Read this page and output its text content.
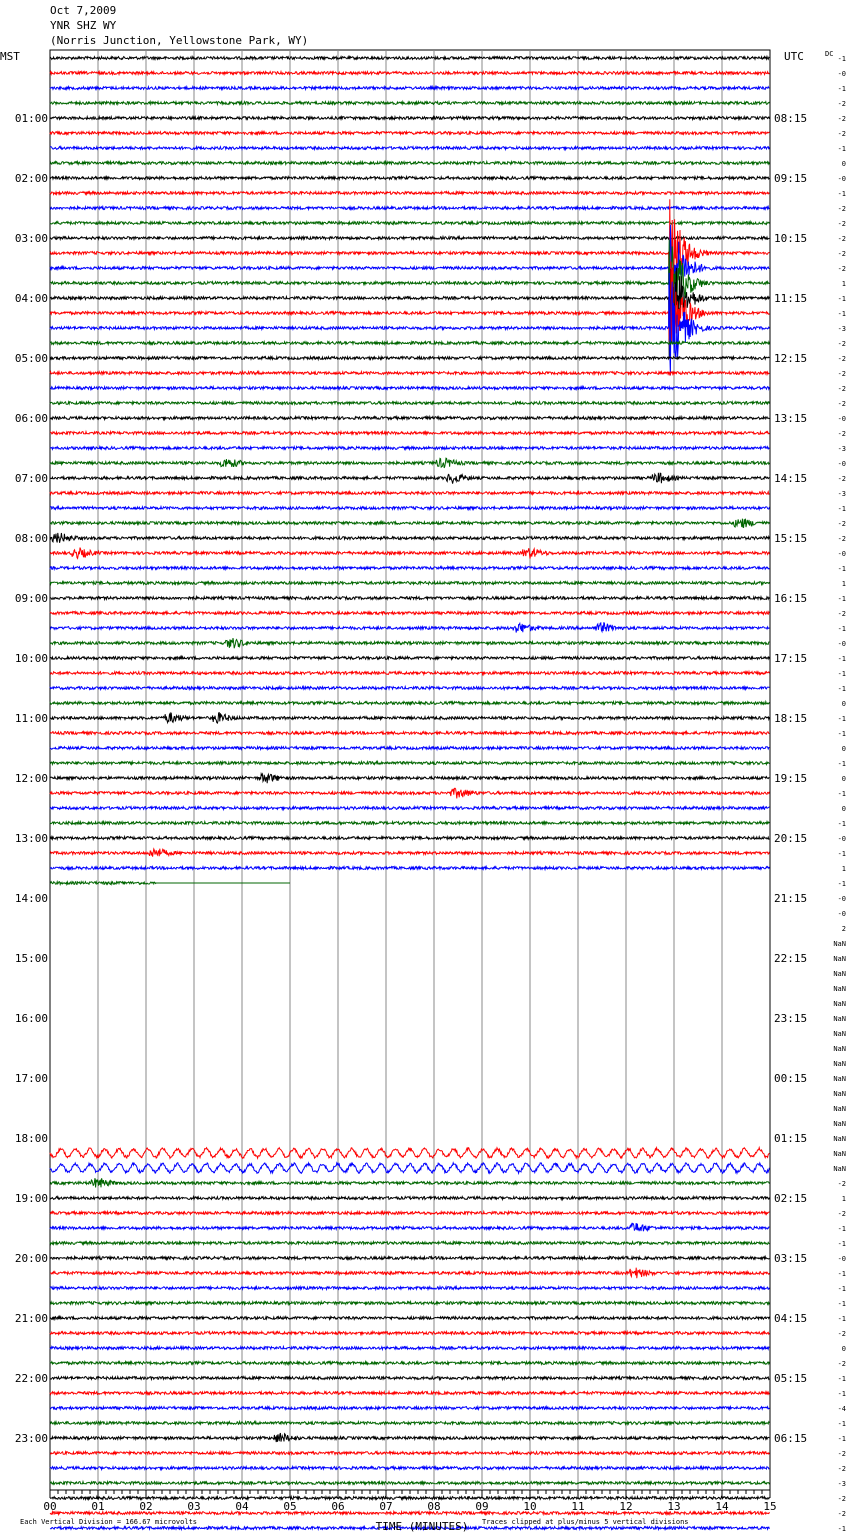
Oct 7,2009
YNR SHZ WY
(Norris Junction, Yellowstone Park, WY)
MST	UTC	DC
01:00
02:00
03:00
04:00
05:00
06:00
07:00
08:00
09:00
10:00
11:00
12:00
13:00
14:00
15:00
16:00
17:00
18:00
19:00
20:00
21:00
22:00
23:00
08:15
09:15
10:15
11:15
12:15
13:15
14:15
15:15
16:15
17:15
18:15
19:15
20:15
21:15
22:15
23:15
00:15
01:15
02:15
03:15
04:15
05:15
06:15
-1
-0
-1
-2
-2
-2
-1
0
-0
-1
-2
-2
-2
-2
-2
1
-1
-1
-3
-2
-2
-2
-2
-2
-0
-2
-3
-0
-2
-3
-1
-2
-2
-0
-1
1
-1
-2
-1
-0
-1
-1
-1
0
-1
-1
0
-1
0
-1
0
-1
-0
-1
1
-1
-0
-0
2
NaN
NaN
NaN
NaN
NaN
NaN
NaN
NaN
NaN
NaN
NaN
NaN
NaN
NaN
NaN
NaN
-2
1
-2
-1
-1
-0
-1
-1
-1
-1
-2
0
-2
-1
-1
-4
-1
-1
-2
-2
-3
-2
-2
-1
00	01	02	03	04	05	06	07	08	09	10	11	12	13	14	15
TIME (MINUTES)
Each Vertical Division = 166.67 microvolts	Traces clipped at plus/minus 5 vertical divisions
